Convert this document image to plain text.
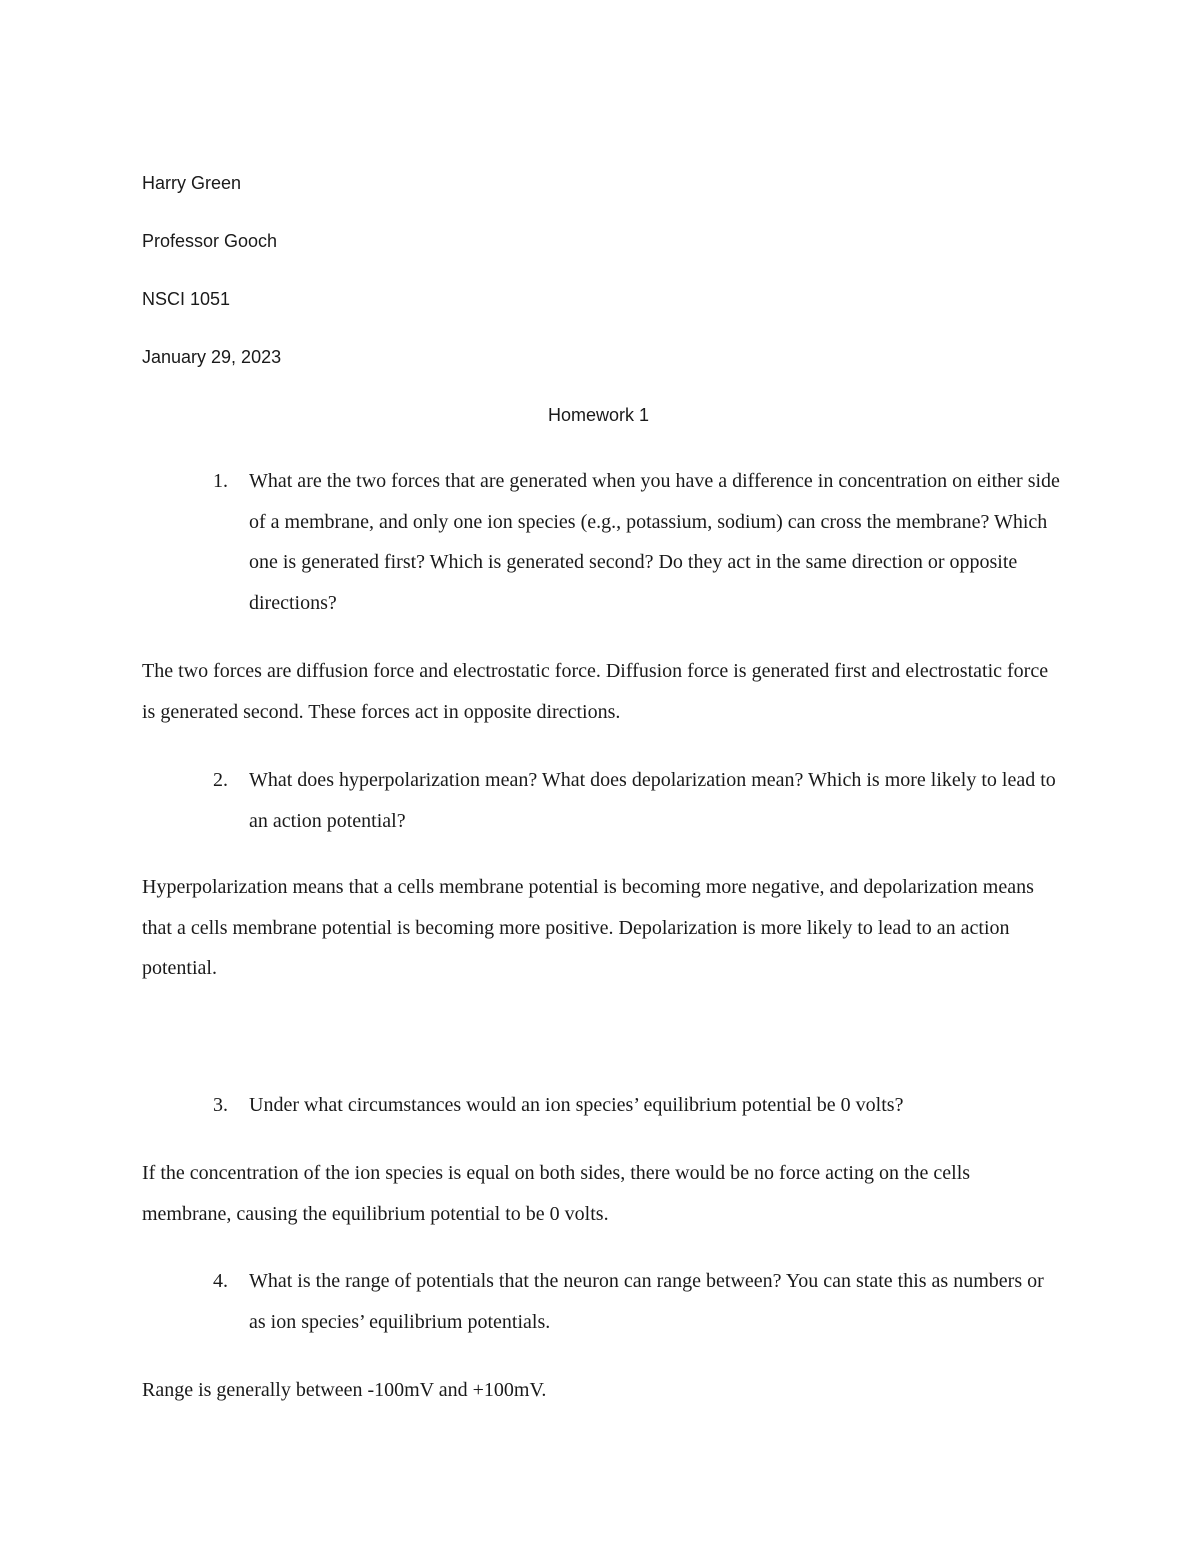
Harry Green
Professor Gooch
NSCI 1051
January 29, 2023
Homework 1
1. What are the two forces that are generated when you have a difference in concentration on either side of a membrane, and only one ion species (e.g., potassium, sodium) can cross the membrane? Which one is generated first? Which is generated second? Do they act in the same direction or opposite directions?
The two forces are diffusion force and electrostatic force. Diffusion force is generated first and electrostatic force is generated second. These forces act in opposite directions.
2. What does hyperpolarization mean? What does depolarization mean? Which is more likely to lead to an action potential?
Hyperpolarization means that a cells membrane potential is becoming more negative, and depolarization means that a cells membrane potential is becoming more positive. Depolarization is more likely to lead to an action potential.
3. Under what circumstances would an ion species’ equilibrium potential be 0 volts?
If the concentration of the ion species is equal on both sides, there would be no force acting on the cells membrane, causing the equilibrium potential to be 0 volts.
4. What is the range of potentials that the neuron can range between? You can state this as numbers or as ion species’ equilibrium potentials.
Range is generally between -100mV and +100mV.
